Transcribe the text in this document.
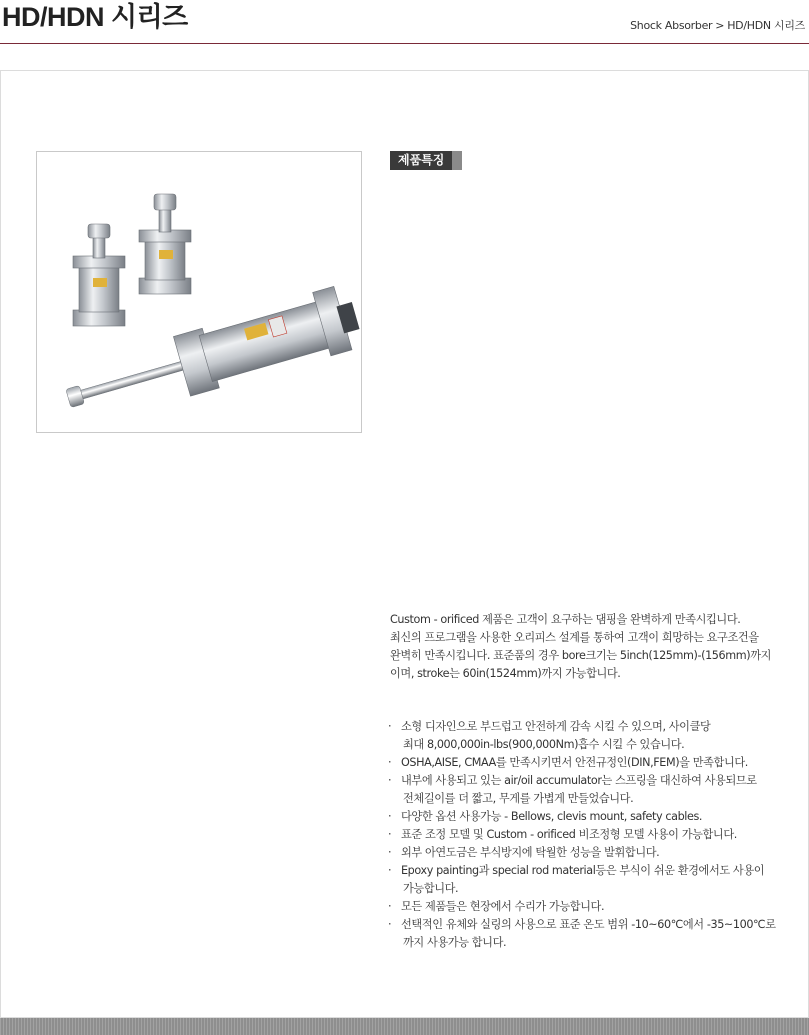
HD/HDN 시리즈	Shock Absorber > HD/HDN 시리즈
제품특징

Custom - orificed 제품은 고객이 요구하는 댐핑을 완벽하게 만족시킵니다.

최신의 프로그램을 사용한 오리피스 설계를 통하여 고객이 희망하는 요구조건을

완벽히 만족시킵니다. 표준품의 경우 bore크기는 5inch(125mm)-(156mm)까지

이며, stroke는 60in(1524mm)까지 가능합니다.

· 소형 디자인으로 부드럽고 안전하게 감속 시킬 수 있으며, 사이클당
최대 8,000,000in-lbs(900,000Nm)흡수 시킬 수 있습니다.
· OSHA,AISE, CMAA를 만족시키면서 안전규정인(DIN,FEM)을 만족합니다.
· 내부에 사용되고 있는 air/oil accumulator는 스프링을 대신하여 사용되므로
전체길이를 더 짧고, 무게를 가볍게 만들었습니다.
· 다양한 옵션 사용가능 - Bellows, clevis mount, safety cables.
· 표준 조정 모델 및 Custom - orificed 비조정형 모델 사용이 가능합니다.
· 외부 아연도금은 부식방지에 탁월한 성능을 발휘합니다.
· Epoxy painting과 special rod material등은 부식이 쉬운 환경에서도 사용이
가능합니다.
· 모든 제품들은 현장에서 수리가 가능합니다.
· 선택적인 유체와 실링의 사용으로 표준 온도 범위 -10~60℃에서 -35~100℃로
까지 사용가능 합니다.
